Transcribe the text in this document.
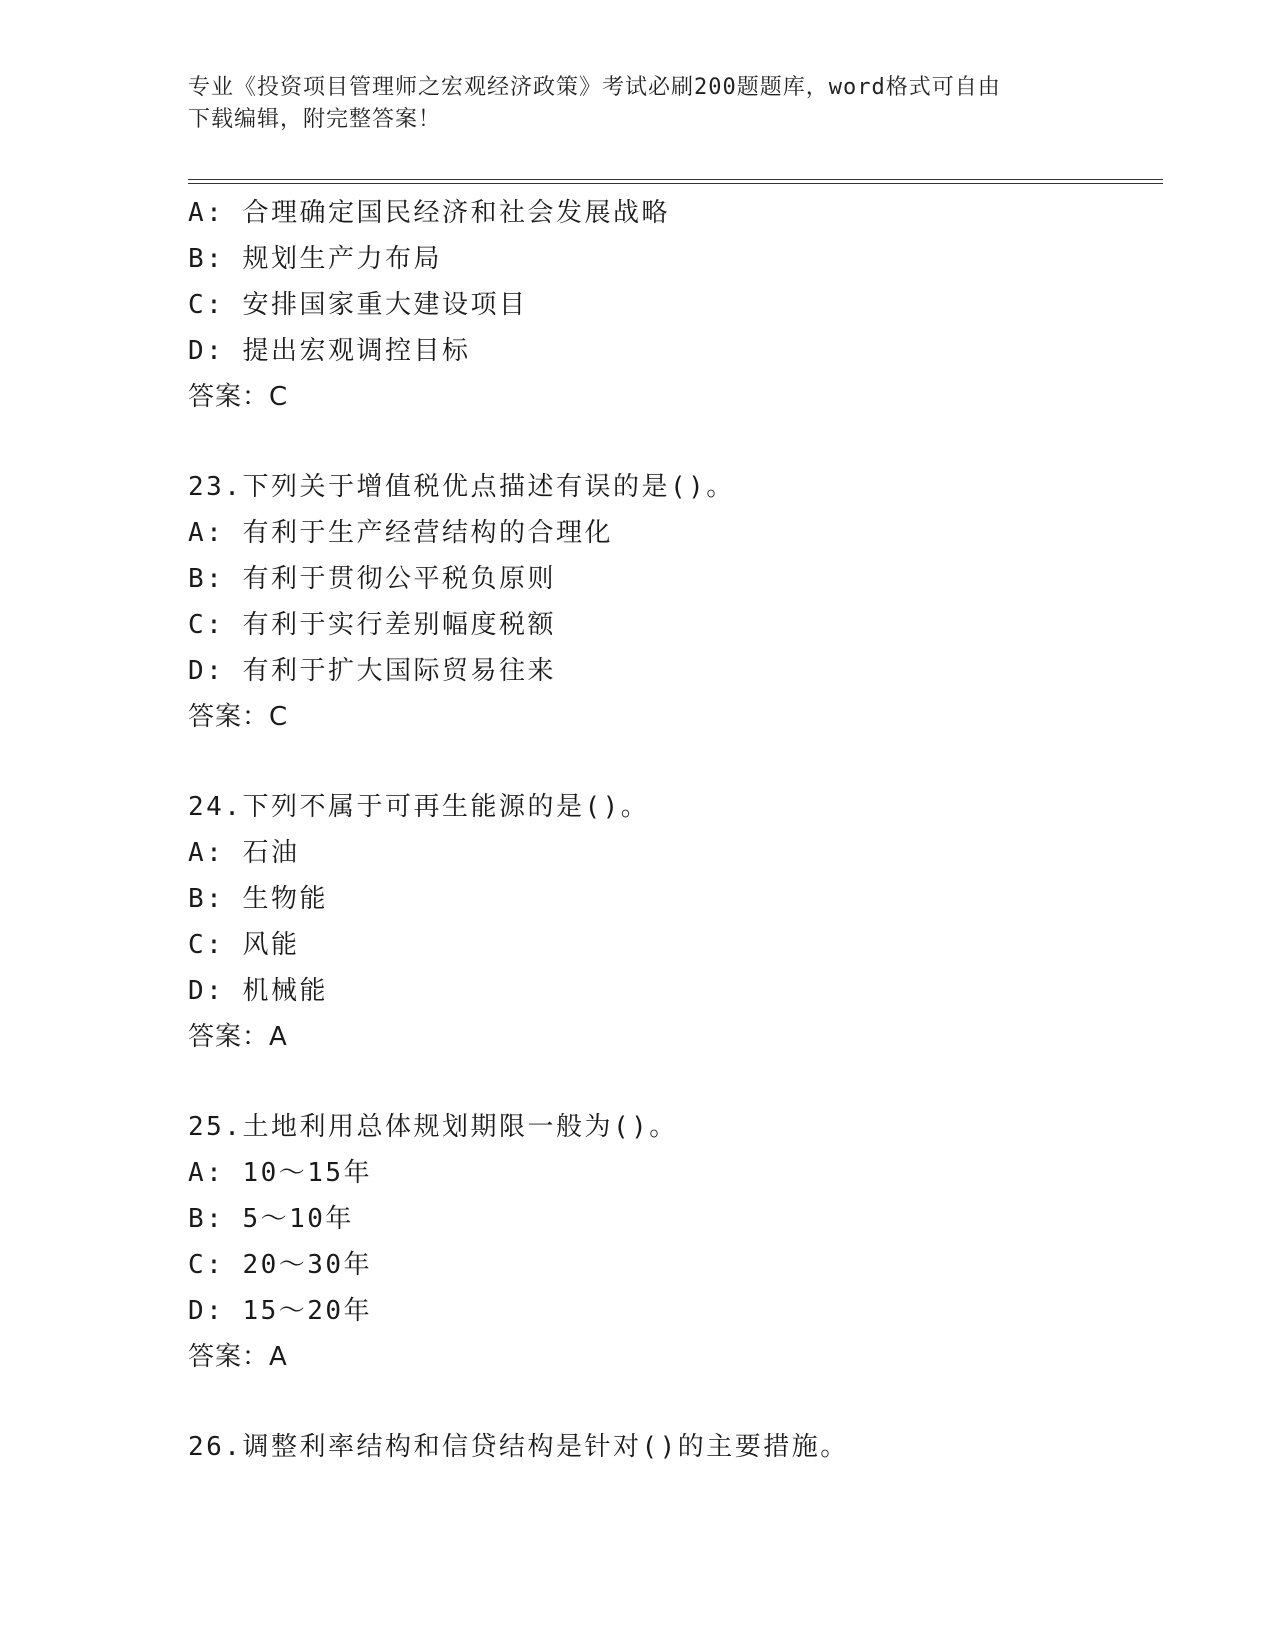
专业《投资项目管理师之宏观经济政策》考试必刷200题题库，word格式可自由
下载编辑，附完整答案！

A: 合理确定国民经济和社会发展战略

B: 规划生产力布局

C: 安排国家重大建设项目

D: 提出宏观调控目标

答案：C

23.下列关于增值税优点描述有误的是()。

A: 有利于生产经营结构的合理化

B: 有利于贯彻公平税负原则

C: 有利于实行差别幅度税额

D: 有利于扩大国际贸易往来

答案：C

24.下列不属于可再生能源的是()。

A: 石油

B: 生物能

C: 风能

D: 机械能

答案：A

25.土地利用总体规划期限一般为()。

A: 10～15年

B: 5～10年

C: 20～30年

D: 15～20年

答案：A

26.调整利率结构和信贷结构是针对()的主要措施。
